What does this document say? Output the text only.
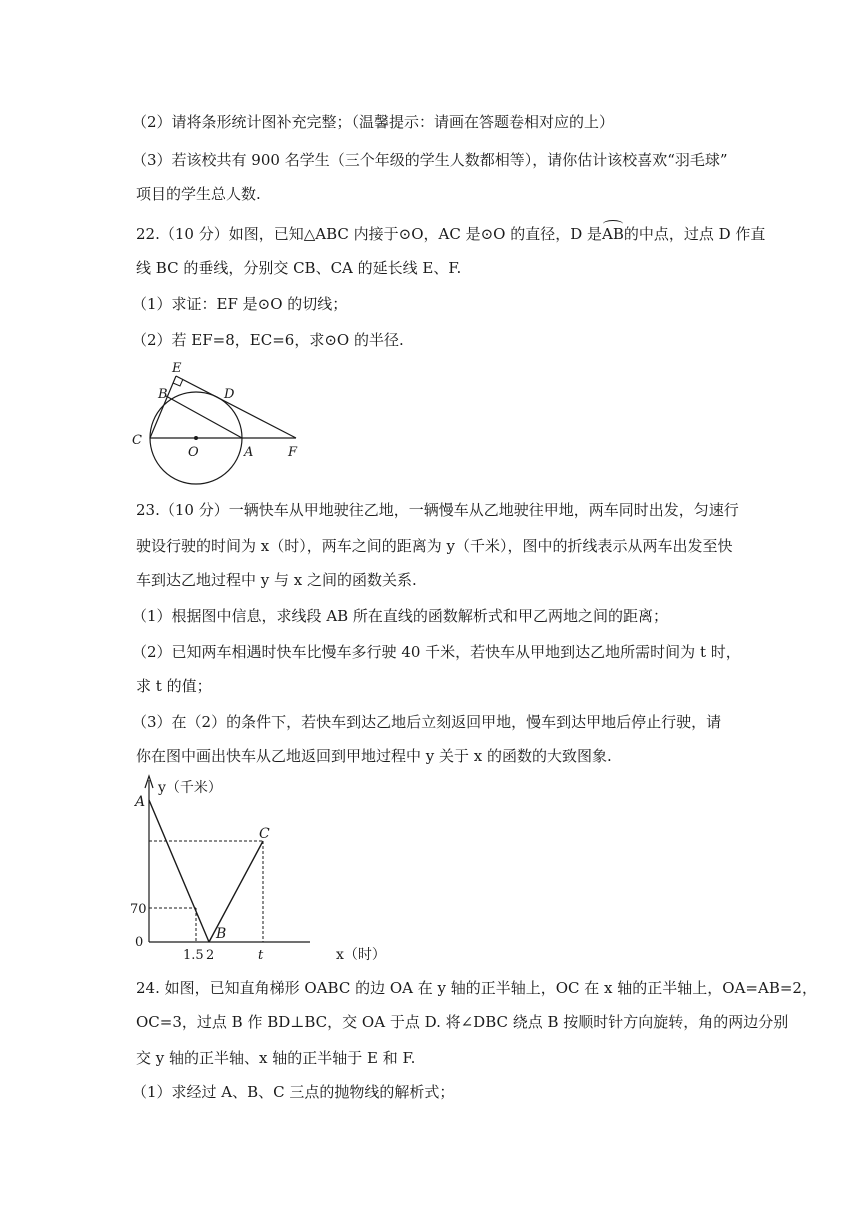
（2）请将条形统计图补充完整；（温馨提示：请画在答题卷相对应的上）
（3）若该校共有 900 名学生（三个年级的学生人数都相等），请你估计该校喜欢“羽毛球”
项目的学生总人数.
22.（10 分）如图，已知△ABC 内接于⊙O，AC 是⊙O 的直径，D 是AB的中点，过点 D 作直
线 BC 的垂线，分别交 CB、CA 的延长线 E、F.
（1）求证：EF 是⊙O 的切线；
（2）若 EF=8，EC=6，求⊙O 的半径.
E
B	D
C
O	A	F
23.（10 分）一辆快车从甲地驶往乙地，一辆慢车从乙地驶往甲地，两车同时出发，匀速行
驶设行驶的时间为 x（时），两车之间的距离为 y（千米），图中的折线表示从两车出发至快
车到达乙地过程中 y 与 x 之间的函数关系.
（1）根据图中信息，求线段 AB 所在直线的函数解析式和甲乙两地之间的距离；
（2）已知两车相遇时快车比慢车多行驶 40 千米，若快车从甲地到达乙地所需时间为 t 时，
求 t 的值；
（3）在（2）的条件下，若快车到达乙地后立刻返回甲地，慢车到达甲地后停止行驶，请
你在图中画出快车从乙地返回到甲地过程中 y 关于 x 的函数的大致图象.
y（千米）
A
C
B
70
0
1.5 2	t	x（时）
24. 如图，已知直角梯形 OABC 的边 OA 在 y 轴的正半轴上，OC 在 x 轴的正半轴上，OA=AB=2，
OC=3，过点 B 作 BD⊥BC，交 OA 于点 D. 将∠DBC 绕点 B 按顺时针方向旋转，角的两边分别
交 y 轴的正半轴、x 轴的正半轴于 E 和 F.
（1）求经过 A、B、C 三点的抛物线的解析式；
